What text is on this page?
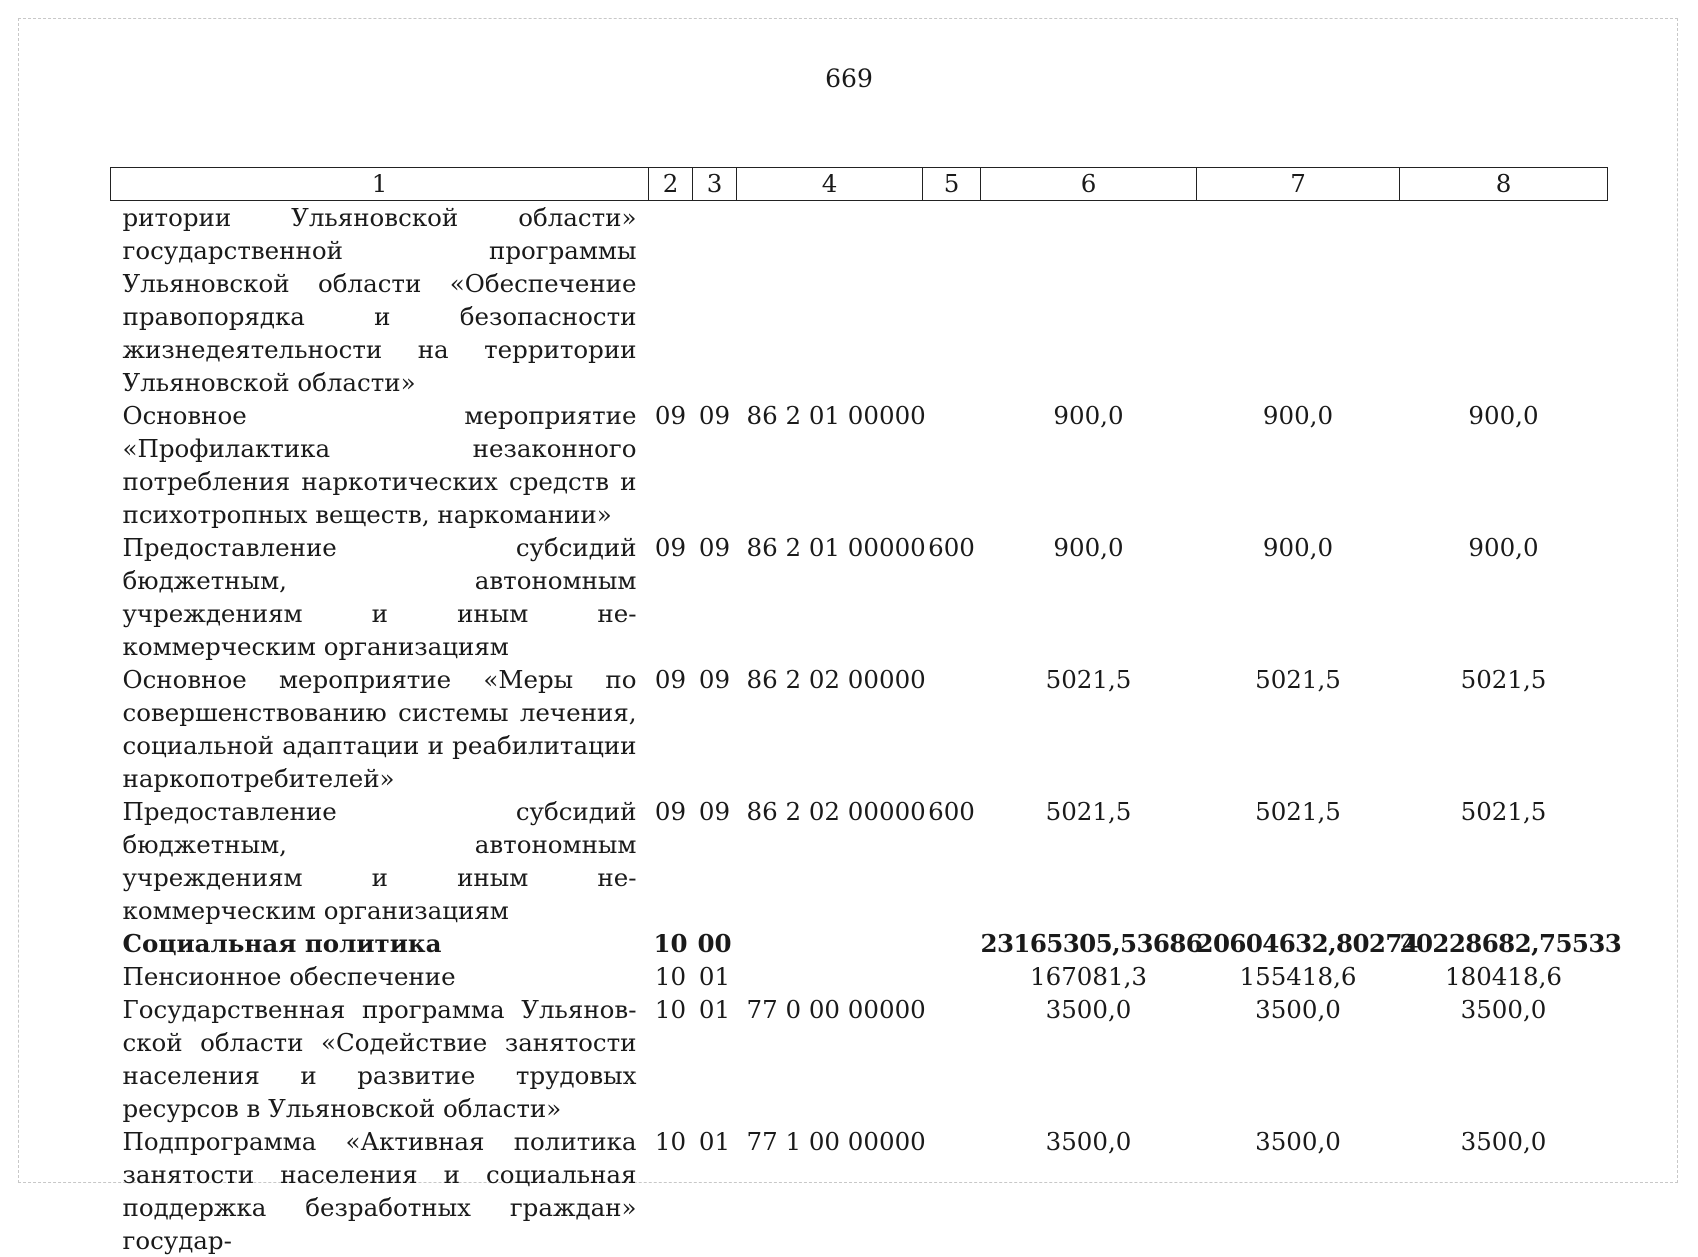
669
1	2	3	4	5	6	7	8
ритории Ульяновской области» государственной программы Ульяновской области «Обеспечение правопорядка и безопасности жизнедеятельности на территории Ульяновской области»							
Основное мероприятие «Профилактика незаконного потребления наркотических средств и психотропных веществ, наркомании»	09	09	86 2 01 00000		900,0	900,0	900,0
Предоставление субсидий бюджетным, автономным учреждениям и иным некоммерческим организациям	09	09	86 2 01 00000	600	900,0	900,0	900,0
Основное мероприятие «Меры по совершенствованию системы лечения, социальной адаптации и реабилитации наркопотребителей»	09	09	86 2 02 00000		5021,5	5021,5	5021,5
Предоставление субсидий бюджетным, автономным учреждениям и иным некоммерческим организациям	09	09	86 2 02 00000	600	5021,5	5021,5	5021,5
Социальная политика	10	00			23165305,53686	20604632,80274	20228682,75533
Пенсионное обеспечение	10	01			167081,3	155418,6	180418,6
Государственная программа Ульяновской области «Содействие занятости населения и развитие трудовых ресурсов в Ульяновской области»	10	01	77 0 00 00000		3500,0	3500,0	3500,0
Подпрограмма «Активная политика занятости населения и социальная поддержка безработных граждан» государ-	10	01	77 1 00 00000		3500,0	3500,0	3500,0
